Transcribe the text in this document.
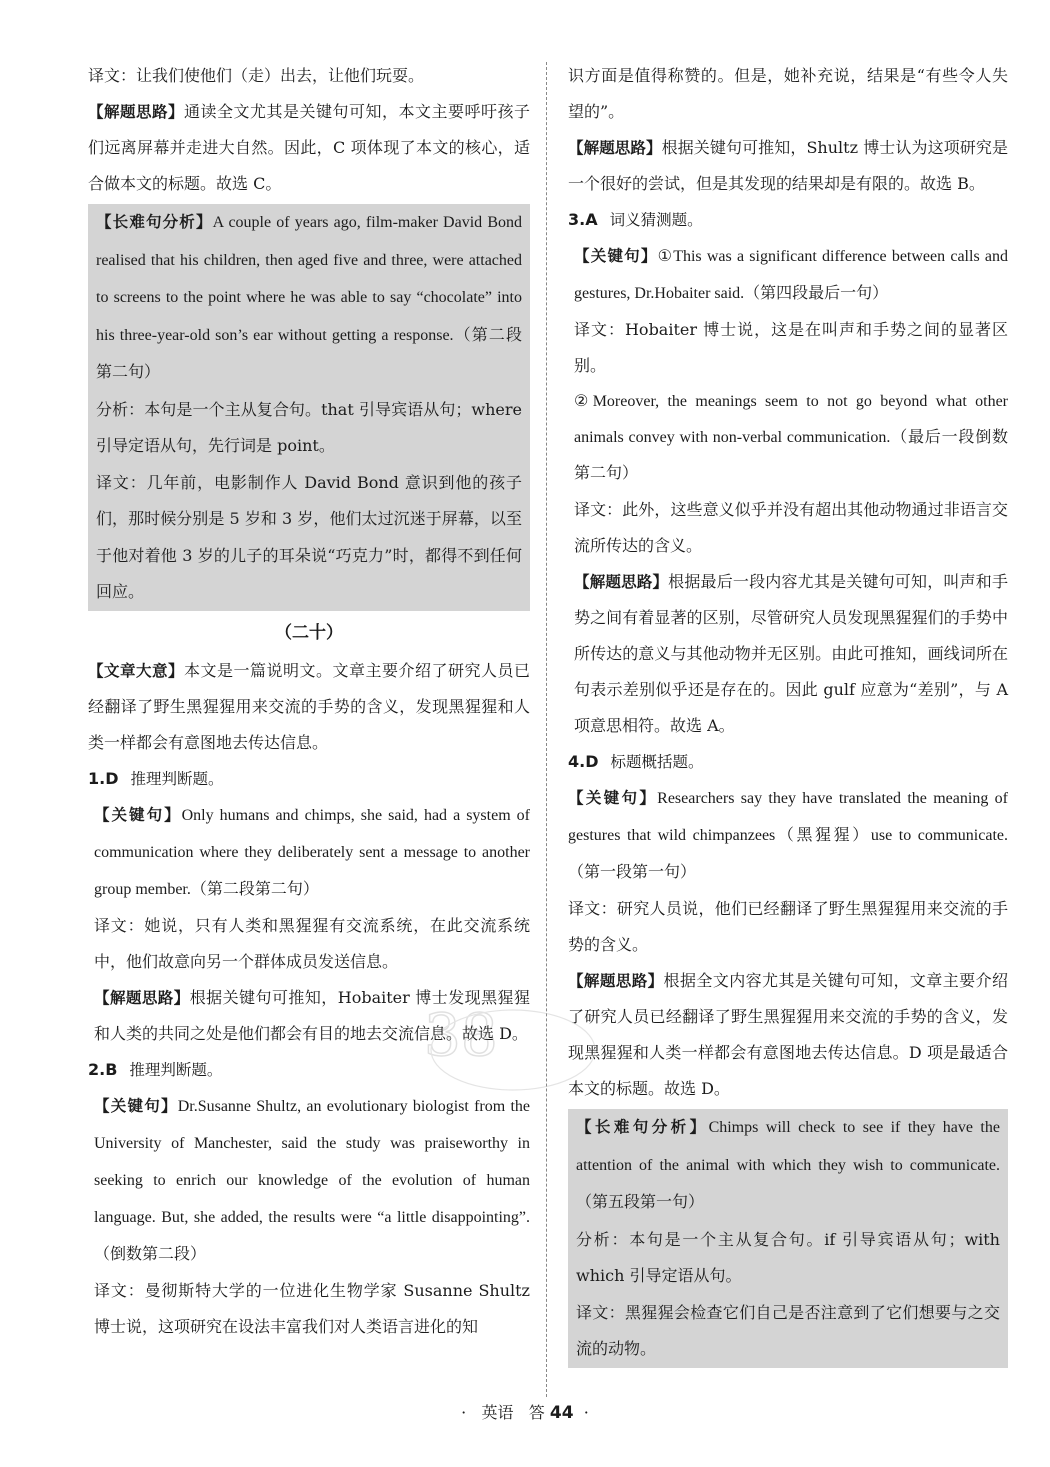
译文：让我们使他们（走）出去，让他们玩耍。

【解题思路】通读全文尤其是关键句可知，本文主要呼吁孩子们远离屏幕并走进大自然。因此，C 项体现了本文的核心，适合做本文的标题。故选 C。

【长难句分析】A couple of years ago, film-maker David Bond realised that his children, then aged five and three, were attached to screens to the point where he was able to say “chocolate” into his three-year-old son’s ear without getting a response.（第二段第二句）

分析：本句是一个主从复合句。that 引导宾语从句；where 引导定语从句，先行词是 point。

译文：几年前，电影制作人 David Bond 意识到他的孩子们，那时候分别是 5 岁和 3 岁，他们太过沉迷于屏幕，以至于他对着他 3 岁的儿子的耳朵说“巧克力”时，都得不到任何回应。

（二十）

【文章大意】本文是一篇说明文。文章主要介绍了研究人员已经翻译了野生黑猩猩用来交流的手势的含义，发现黑猩猩和人类一样都会有意图地去传达信息。

1.D 推理判断题。

【关键句】Only humans and chimps, she said, had a system of communication where they deliberately sent a message to another group member.（第二段第二句）

译文：她说，只有人类和黑猩猩有交流系统，在此交流系统中，他们故意向另一个群体成员发送信息。

【解题思路】根据关键句可推知，Hobaiter 博士发现黑猩猩和人类的共同之处是他们都会有目的地去交流信息。故选 D。

2.B 推理判断题。

【关键句】Dr.Susanne Shultz, an evolutionary biologist from the University of Manchester, said the study was praiseworthy in seeking to enrich our knowledge of the evolution of human language. But, she added, the results were “a little disappointing”.（倒数第二段）

译文：曼彻斯特大学的一位进化生物学家 Susanne Shultz 博士说，这项研究在设法丰富我们对人类语言进化的知

识方面是值得称赞的。但是，她补充说，结果是“有些令人失望的”。

【解题思路】根据关键句可推知，Shultz 博士认为这项研究是一个很好的尝试，但是其发现的结果却是有限的。故选 B。

3.A 词义猜测题。

【关键句】①This was a significant difference between calls and gestures, Dr.Hobaiter said.（第四段最后一句）

译文：Hobaiter 博士说，这是在叫声和手势之间的显著区别。

②Moreover, the meanings seem to not go beyond what other animals convey with non-verbal communication.（最后一段倒数第二句）

译文：此外，这些意义似乎并没有超出其他动物通过非语言交流所传达的含义。

【解题思路】根据最后一段内容尤其是关键句可知，叫声和手势之间有着显著的区别，尽管研究人员发现黑猩猩们的手势中所传达的意义与其他动物并无区别。由此可推知，画线词所在句表示差别似乎还是存在的。因此 gulf 应意为“差别”，与 A 项意思相符。故选 A。

4.D 标题概括题。

【关键句】Researchers say they have translated the meaning of gestures that wild chimpanzees（黑猩猩）use to communicate.（第一段第一句）

译文：研究人员说，他们已经翻译了野生黑猩猩用来交流的手势的含义。

【解题思路】根据全文内容尤其是关键句可知，文章主要介绍了研究人员已经翻译了野生黑猩猩用来交流的手势的含义，发现黑猩猩和人类一样都会有意图地去传达信息。D 项是最适合本文的标题。故选 D。

【长难句分析】Chimps will check to see if they have the attention of the animal with which they wish to communicate.（第五段第一句）

分析：本句是一个主从复合句。if 引导宾语从句；with which 引导定语从句。

译文：黑猩猩会检查它们自己是否注意到了它们想要与之交流的动物。

38
· 英语 答 44 ·
